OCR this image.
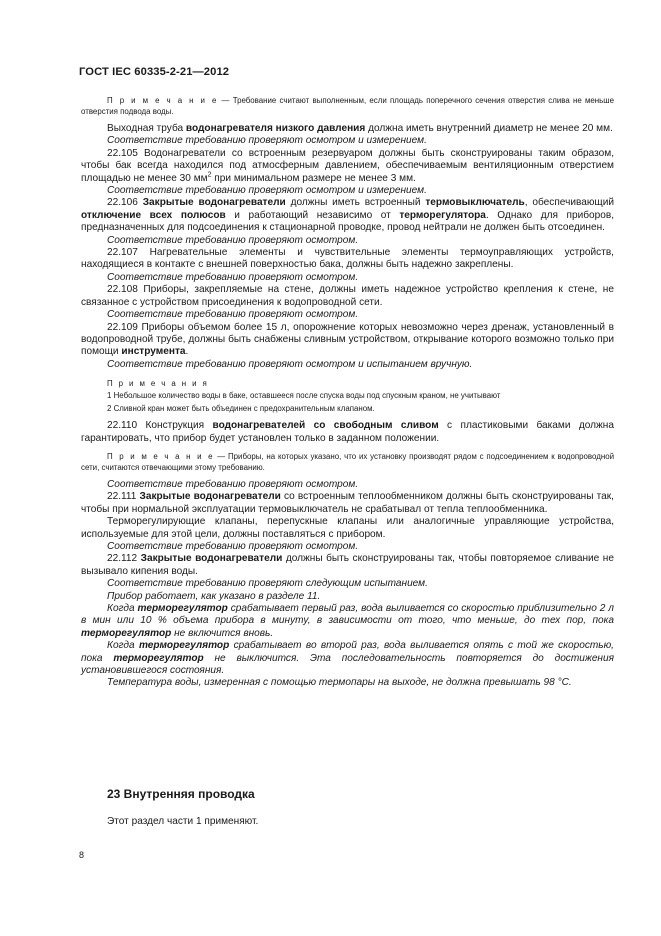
ГОСТ IEC 60335-2-21—2012

П р и м е ч а н и е — Требование считают выполненным, если площадь поперечного сечения отверстия слива не меньше отверстия подвода воды.

Выходная труба водонагревателя низкого давления должна иметь внутренний диаметр не менее 20 мм.

Соответствие требованию проверяют осмотром и измерением.

22.105 Водонагреватели со встроенным резервуаром должны быть сконструированы таким образом, чтобы бак всегда находился под атмосферным давлением, обеспечиваемым вентиляционным отверстием площадью не менее 30 $мм^2$ при минимальном размере не менее 3 мм.

Соответствие требованию проверяют осмотром и измерением.

22.106 Закрытые водонагреватели должны иметь встроенный термовыключатель, обеспечивающий отключение всех полюсов и работающий независимо от терморегулятора. Однако для приборов, предназначенных для подсоединения к стационарной проводке, провод нейтрали не должен быть отсоединен.

Соответствие требованию проверяют осмотром.

22.107 Нагревательные элементы и чувствительные элементы термоуправляющих устройств, находящиеся в контакте с внешней поверхностью бака, должны быть надежно закреплены.

Соответствие требованию проверяют осмотром.

22.108 Приборы, закрепляемые на стене, должны иметь надежное устройство крепления к стене, не связанное с устройством присоединения к водопроводной сети.

Соответствие требованию проверяют осмотром.

22.109 Приборы объемом более 15 л, опорожнение которых невозможно через дренаж, установленный в водопроводной трубе, должны быть снабжены сливным устройством, открывание которого возможно только при помощи инструмента.

Соответствие требованию проверяют осмотром и испытанием вручную.

П р и м е ч а н и я

1 Небольшое количество воды в баке, оставшееся после спуска воды под спускным краном, не учитывают

2 Сливной кран может быть объединен с предохранительным клапаном.

22.110 Конструкция водонагревателей со свободным сливом с пластиковыми баками должна гарантировать, что прибор будет установлен только в заданном положении.

П р и м е ч а н и е — Приборы, на которых указано, что их установку производят рядом с подсоединением к водопроводной сети, считаются отвечающими этому требованию.

Соответствие требованию проверяют осмотром.

22.111 Закрытые водонагреватели со встроенным теплообменником должны быть сконструированы так, чтобы при нормальной эксплуатации термовыключатель не срабатывал от тепла теплообменника.

Терморегулирующие клапаны, перепускные клапаны или аналогичные управляющие устройства, используемые для этой цели, должны поставляться с прибором.

Соответствие требованию проверяют осмотром.

22.112 Закрытые водонагреватели должны быть сконструированы так, чтобы повторяемое сливание не вызывало кипения воды.

Соответствие требованию проверяют следующим испытанием.

Прибор работает, как указано в разделе 11.

Когда терморегулятор срабатывает первый раз, вода выливается со скоростью приблизительно 2 л в мин или 10 % объема прибора в минуту, в зависимости от того, что меньше, до тех пор, пока терморегулятор не включится вновь.

Когда терморегулятор срабатывает во второй раз, вода выливается опять с той же скоростью, пока терморегулятор не выключится. Эта последовательность повторяется до достижения установившегося состояния.

Температура воды, измеренная с помощью термопары на выходе, не должна превышать 98 °С.

23 Внутренняя проводка
Этот раздел части 1 применяют.
8
